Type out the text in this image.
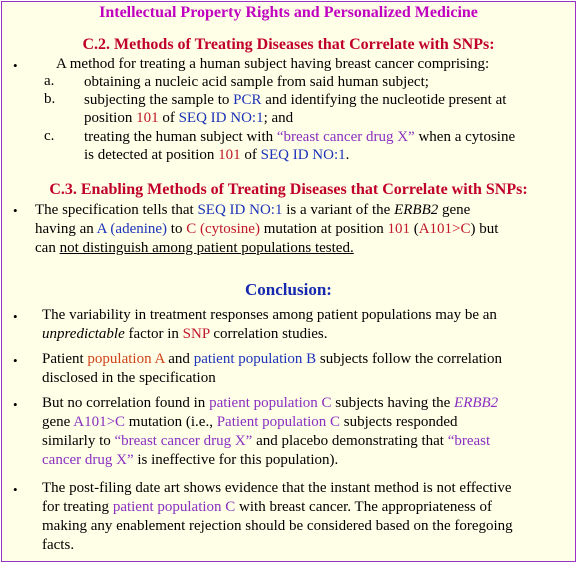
Intellectual Property Rights and Personalized Medicine
C.2. Methods of Treating Diseases that Correlate with SNPs:
•	A method for treating a human subject having breast cancer comprising:
a. obtaining a nucleic acid sample from said human subject;
b. subjecting the sample to PCR and identifying the nucleotide present at
position 101 of SEQ ID NO:1; and
c. treating the human subject with “breast cancer drug X” when a cytosine
is detected at position 101 of SEQ ID NO:1.
C.3. Enabling Methods of Treating Diseases that Correlate with SNPs:
• The specification tells that SEQ ID NO:1 is a variant of the ERBB2 gene
having an A (adenine) to C (cytosine) mutation at position 101 (A101>C) but
can not distinguish among patient populations tested.
Conclusion:
• The variability in treatment responses among patient populations may be an
unpredictable factor in SNP correlation studies.
• Patient population A and patient population B subjects follow the correlation
disclosed in the specification
• But no correlation found in patient population C subjects having the ERBB2
gene A101>C mutation (i.e., Patient population C subjects responded
similarly to “breast cancer drug X” and placebo demonstrating that “breast
cancer drug X” is ineffective for this population).
• The post-filing date art shows evidence that the instant method is not effective
for treating patient population C with breast cancer. The appropriateness of
making any enablement rejection should be considered based on the foregoing
facts.
